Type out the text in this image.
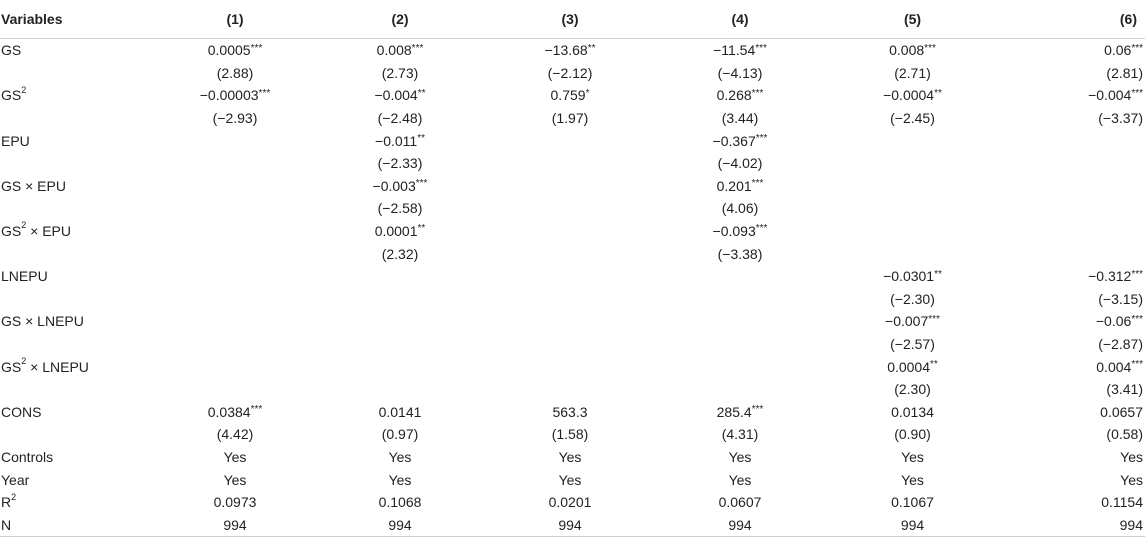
Variables	(1)	(2)	(3)	(4)	(5)	(6)
GS	0.0005***	0.008***	−13.68**	−11.54***	0.008***	0.06***
	(2.88)	(2.73)	(−2.12)	(−4.13)	(2.71)	(2.81)
$GS^2$	−0.00003***	−0.004**	0.759*	0.268***	−0.0004**	−0.004***
	(−2.93)	(−2.48)	(1.97)	(3.44)	(−2.45)	(−3.37)
EPU		−0.011**		−0.367***		
		(−2.33)		(−4.02)		
GS × EPU		−0.003***		0.201***		
		(−2.58)		(4.06)		
$GS^2$ × EPU		0.0001**		−0.093***		
		(2.32)		(−3.38)		
LNEPU					−0.0301**	−0.312***
					(−2.30)	(−3.15)
GS × LNEPU					−0.007***	−0.06***
					(−2.57)	(−2.87)
$GS^2$ × LNEPU					0.0004**	0.004***
					(2.30)	(3.41)
CONS	0.0384***	0.0141	563.3	285.4***	0.0134	0.0657
	(4.42)	(0.97)	(1.58)	(4.31)	(0.90)	(0.58)
Controls	Yes	Yes	Yes	Yes	Yes	Yes
Year	Yes	Yes	Yes	Yes	Yes	Yes
$R^2$	0.0973	0.1068	0.0201	0.0607	0.1067	0.1154
N	994	994	994	994	994	994
